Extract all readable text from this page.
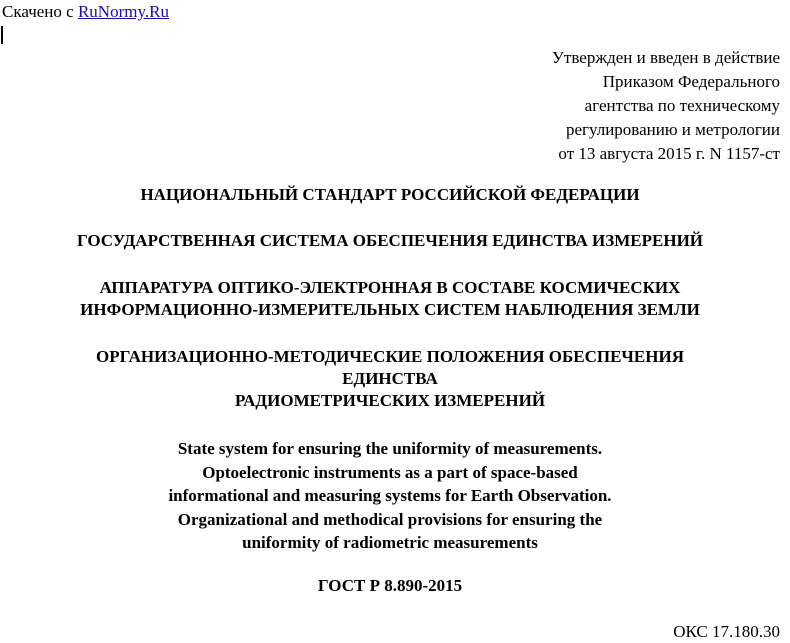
Скачено с RuNormy.Ru
Утвержден и введен в действие
Приказом Федерального
агентства по техническому
регулированию и метрологии
от 13 августа 2015 г. N 1157-ст
НАЦИОНАЛЬНЫЙ СТАНДАРТ РОССИЙСКОЙ ФЕДЕРАЦИИ
ГОСУДАРСТВЕННАЯ СИСТЕМА ОБЕСПЕЧЕНИЯ ЕДИНСТВА ИЗМЕРЕНИЙ
АППАРАТУРА ОПТИКО-ЭЛЕКТРОННАЯ В СОСТАВЕ КОСМИЧЕСКИХ
ИНФОРМАЦИОННО-ИЗМЕРИТЕЛЬНЫХ СИСТЕМ НАБЛЮДЕНИЯ ЗЕМЛИ
ОРГАНИЗАЦИОННО-МЕТОДИЧЕСКИЕ ПОЛОЖЕНИЯ ОБЕСПЕЧЕНИЯ
ЕДИНСТВА
РАДИОМЕТРИЧЕСКИХ ИЗМЕРЕНИЙ
State system for ensuring the uniformity of measurements.
Optoelectronic instruments as a part of space-based
informational and measuring systems for Earth Observation.
Organizational and methodical provisions for ensuring the
uniformity of radiometric measurements
ГОСТ Р 8.890-2015
ОКС 17.180.30
